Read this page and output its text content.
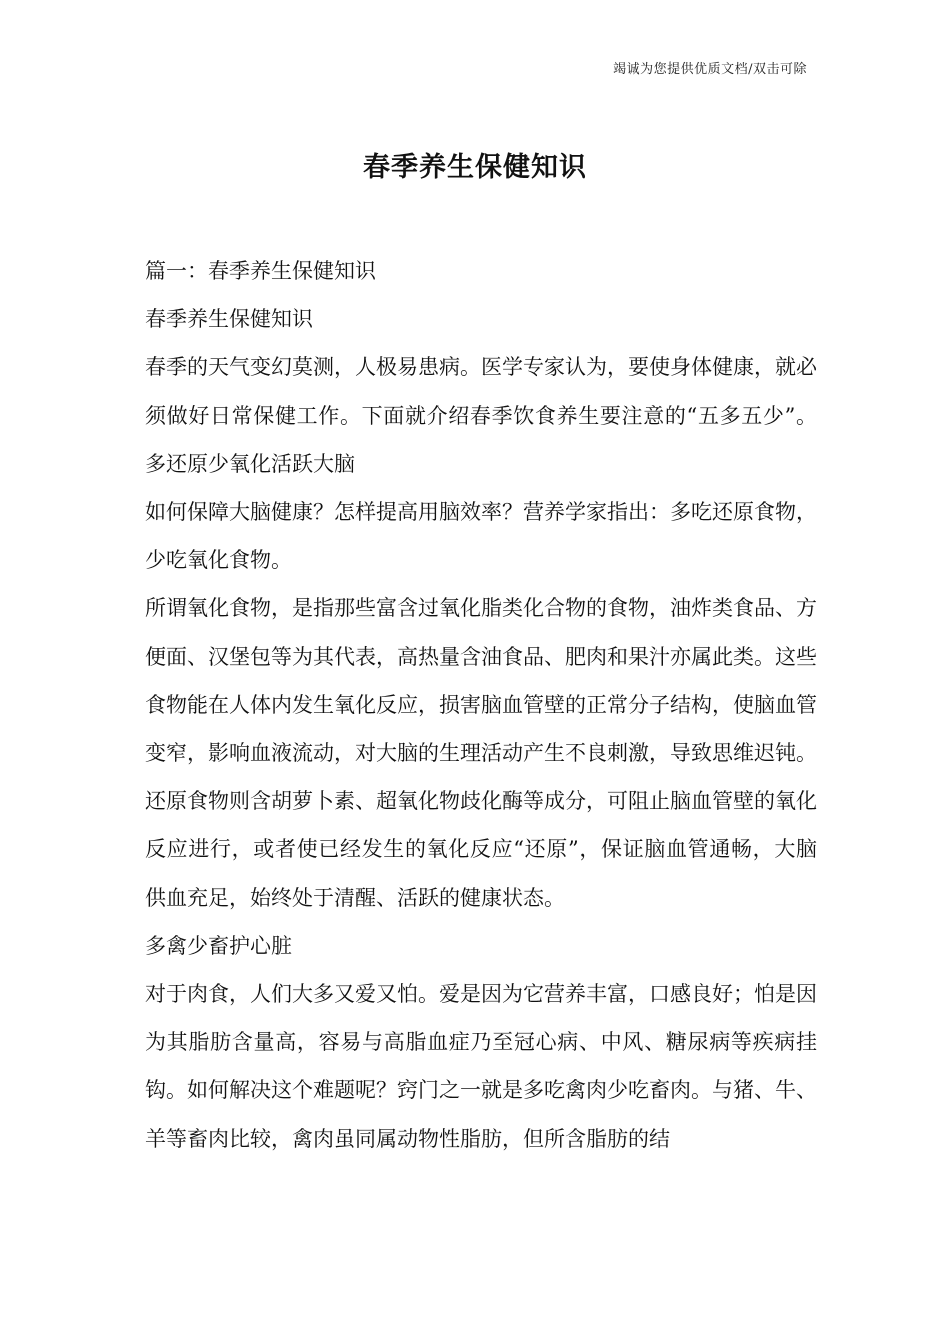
竭诚为您提供优质文档/双击可除
春季养生保健知识

篇一：春季养生保健知识

春季养生保健知识

春季的天气变幻莫测，人极易患病。医学专家认为，要使身体健康，就必须做好日常保健工作。下面就介绍春季饮食养生要注意的“五多五少”。多还原少氧化活跃大脑

如何保障大脑健康？怎样提高用脑效率？营养学家指出：多吃还原食物，少吃氧化食物。

所谓氧化食物，是指那些富含过氧化脂类化合物的食物，油炸类食品、方便面、汉堡包等为其代表，高热量含油食品、肥肉和果汁亦属此类。这些食物能在人体内发生氧化反应，损害脑血管壁的正常分子结构，使脑血管变窄，影响血液流动，对大脑的生理活动产生不良刺激，导致思维迟钝。还原食物则含胡萝卜素、超氧化物歧化酶等成分，可阻止脑血管壁的氧化反应进行，或者使已经发生的氧化反应“还原”，保证脑血管通畅，大脑供血充足，始终处于清醒、活跃的健康状态。

多禽少畜护心脏

对于肉食，人们大多又爱又怕。爱是因为它营养丰富，口感良好；怕是因为其脂肪含量高，容易与高脂血症乃至冠心病、中风、糖尿病等疾病挂钩。如何解决这个难题呢？窍门之一就是多吃禽肉少吃畜肉。与猪、牛、羊等畜肉比较，禽肉虽同属动物性脂肪，但所含脂肪的结
